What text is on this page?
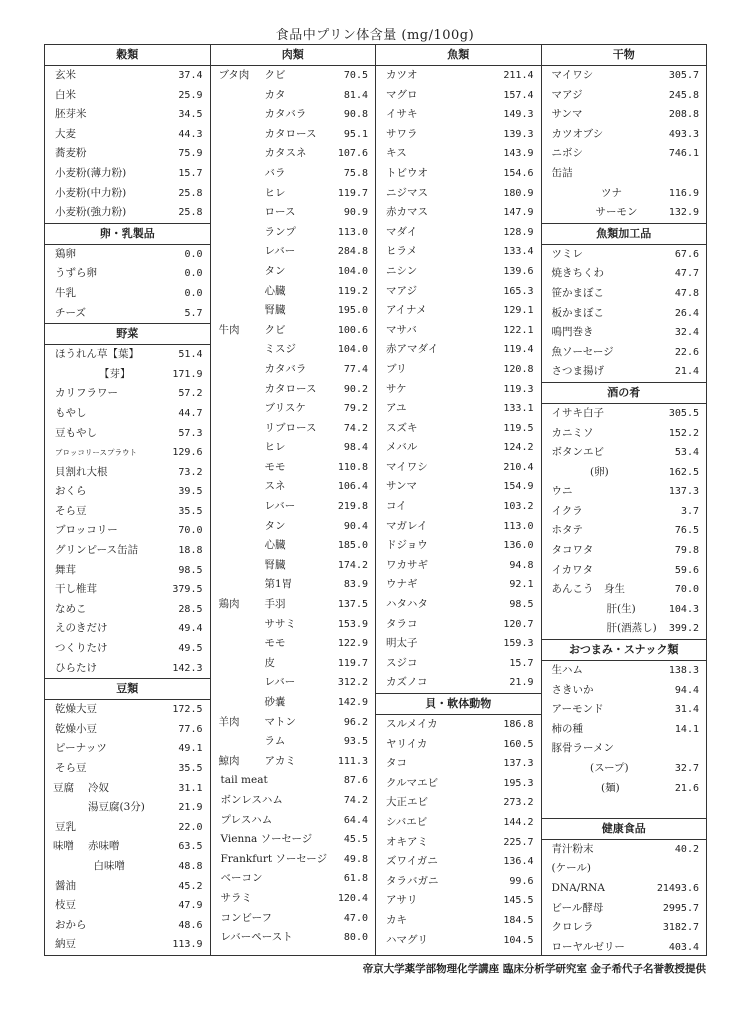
食品中プリン体含量 (mg/100g)
穀類
玄米	37.4
白米	25.9
胚芽米	34.5
大麦	44.3
蕎麦粉	75.9
小麦粉(薄力粉)	15.7
小麦粉(中力粉)	25.8
小麦粉(強力粉)	25.8
卵・乳製品
鶏卵	0.0
うずら卵	0.0
牛乳	0.0
チーズ	5.7
野菜
ほうれん草【葉】	51.4
【芽】	171.9
カリフラワー	57.2
もやし	44.7
豆もやし	57.3
ブロッコリースプラウト	129.6
貝割れ大根	73.2
おくら	39.5
そら豆	35.5
ブロッコリー	70.0
グリンピース缶詰	18.8
舞茸	98.5
干し椎茸	379.5
なめこ	28.5
えのきだけ	49.4
つくりたけ	49.5
ひらたけ	142.3
豆類
乾燥大豆	172.5
乾燥小豆	77.6
ピーナッツ	49.1
そら豆	35.5
豆腐 冷奴	31.1
湯豆腐(3分)	21.9
豆乳	22.0
味噌 赤味噌	63.5
白味噌	48.8
醤油	45.2
枝豆	47.9
おから	48.6
納豆	113.9
肉類
ブタ肉 クビ	70.5
カタ	81.4
カタバラ	90.8
カタロース	95.1
カタスネ	107.6
バラ	75.8
ヒレ	119.7
ロース	90.9
ランプ	113.0
レバー	284.8
タン	104.0
心臓	119.2
腎臓	195.0
牛肉 クビ	100.6
ミスジ	104.0
カタバラ	77.4
カタロース	90.2
ブリスケ	79.2
リブロース	74.2
ヒレ	98.4
モモ	110.8
スネ	106.4
レバー	219.8
タン	90.4
心臓	185.0
腎臓	174.2
第1胃	83.9
鶏肉 手羽	137.5
ササミ	153.9
モモ	122.9
皮	119.7
レバー	312.2
砂嚢	142.9
羊肉 マトン	96.2
ラム	93.5
鯨肉 アカミ	111.3
tail meat	87.6
ボンレスハム	74.2
プレスハム	64.4
Vienna ソーセージ	45.5
Frankfurt ソーセージ 49.8
ベーコン	61.8
サラミ	120.4
コンビーフ	47.0
レバーペースト	80.0
魚類
カツオ	211.4
マグロ	157.4
イサキ	149.3
サワラ	139.3
キス	143.9
トビウオ	154.6
ニジマス	180.9
赤カマス	147.9
マダイ	128.9
ヒラメ	133.4
ニシン	139.6
マアジ	165.3
アイナメ	129.1
マサバ	122.1
赤アマダイ	119.4
ブリ	120.8
サケ	119.3
アユ	133.1
スズキ	119.5
メバル	124.2
マイワシ	210.4
サンマ	154.9
コイ	103.2
マガレイ	113.0
ドジョウ	136.0
ワカサギ	94.8
ウナギ	92.1
ハタハタ	98.5
タラコ	120.7
明太子	159.3
スジコ	15.7
カズノコ	21.9
貝・軟体動物
スルメイカ	186.8
ヤリイカ	160.5
タコ	137.3
クルマエビ	195.3
大正エビ	273.2
シバエビ	144.2
オキアミ	225.7
ズワイガニ	136.4
タラバガニ	99.6
アサリ	145.5
カキ	184.5
ハマグリ	104.5
干物
マイワシ	305.7
マアジ	245.8
サンマ	208.8
カツオブシ	493.3
ニボシ	746.1
缶詰
ツナ	116.9
サーモン	132.9
魚類加工品
ツミレ	67.6
焼きちくわ	47.7
笹かまぼこ	47.8
板かまぼこ	26.4
鳴門巻き	32.4
魚ソーセージ	22.6
さつま揚げ	21.4
酒の肴
イサキ白子	305.5
カニミソ	152.2
ボタンエビ	53.4
(卵)	162.5
ウニ	137.3
イクラ	3.7
ホタテ	76.5
タコワタ	79.8
イカワタ	59.6
あんこう　身生	70.0
肝(生)	104.3
肝(酒蒸し) 399.2
おつまみ・スナック類
生ハム	138.3
さきいか	94.4
アーモンド	31.4
柿の種	14.1
豚骨ラーメン
(スープ)	32.7
(麺)	21.6
健康食品
青汁粉末	40.2
(ケール)
DNA/RNA	21493.6
ビール酵母	2995.7
クロレラ	3182.7
ローヤルゼリー	403.4
帝京大学薬学部物理化学講座 臨床分析学研究室 金子希代子名誉教授提供
